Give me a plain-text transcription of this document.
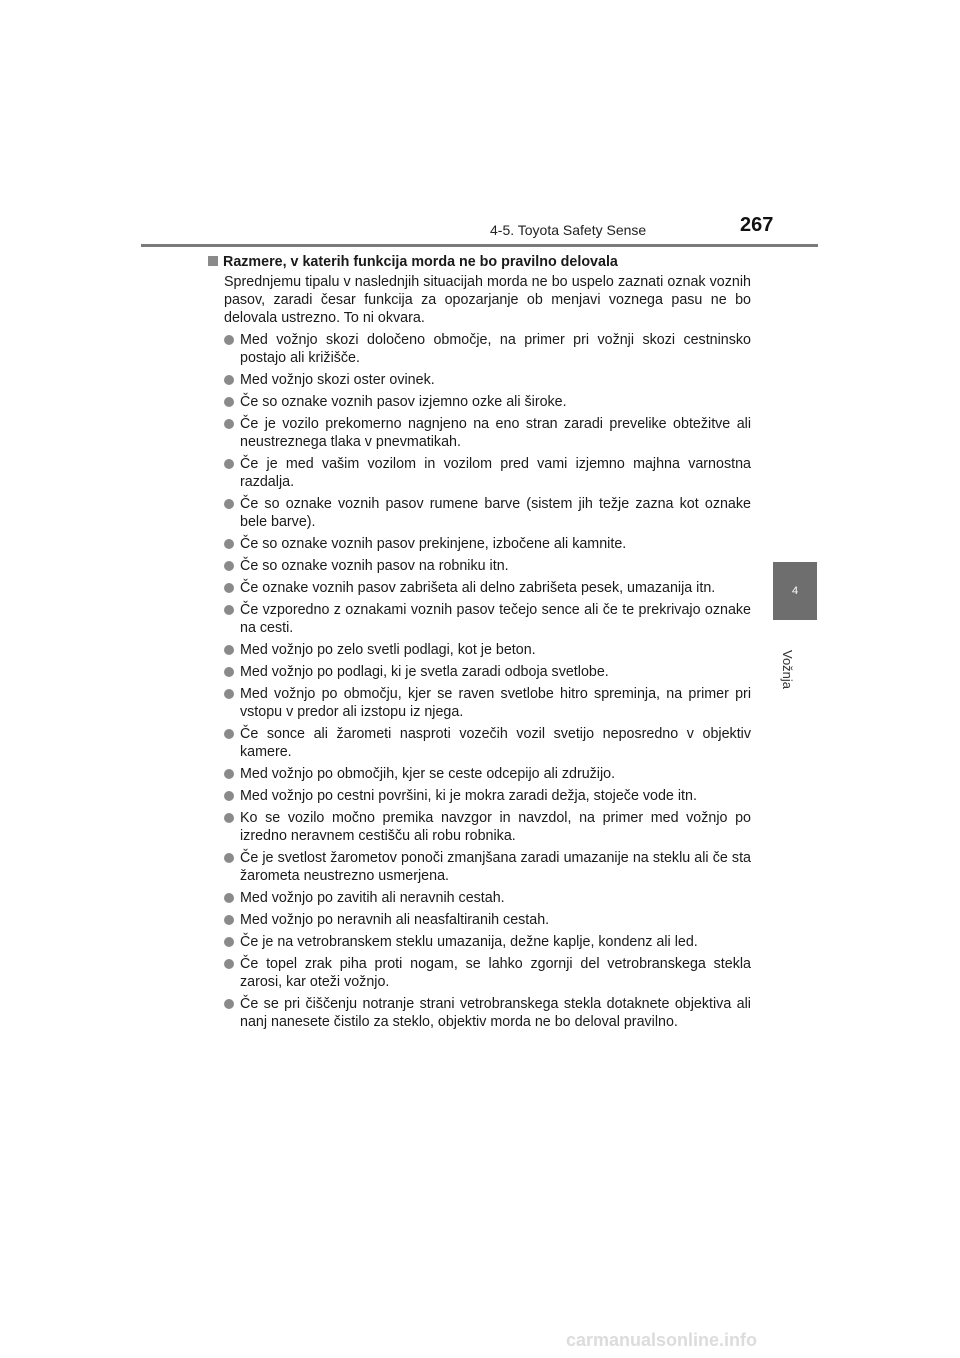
4-5. Toyota Safety Sense	267
4
Vožnja
Razmere, v katerih funkcija morda ne bo pravilno delovala
Sprednjemu tipalu v naslednjih situacijah morda ne bo uspelo zaznati oznak voznih pasov, zaradi česar funkcija za opozarjanje ob menjavi voznega pasu ne bo delovala ustrezno. To ni okvara.
Med vožnjo skozi določeno območje, na primer pri vožnji skozi cestninsko postajo ali križišče.
Med vožnjo skozi oster ovinek.
Če so oznake voznih pasov izjemno ozke ali široke.
Če je vozilo prekomerno nagnjeno na eno stran zaradi prevelike obtežitve ali neustreznega tlaka v pnevmatikah.
Če je med vašim vozilom in vozilom pred vami izjemno majhna varnostna razdalja.
Če so oznake voznih pasov rumene barve (sistem jih težje zazna kot oznake bele barve).
Če so oznake voznih pasov prekinjene, izbočene ali kamnite.
Če so oznake voznih pasov na robniku itn.
Če oznake voznih pasov zabrišeta ali delno zabrišeta pesek, umazanija itn.
Če vzporedno z oznakami voznih pasov tečejo sence ali če te prekrivajo oznake na cesti.
Med vožnjo po zelo svetli podlagi, kot je beton.
Med vožnjo po podlagi, ki je svetla zaradi odboja svetlobe.
Med vožnjo po območju, kjer se raven svetlobe hitro spreminja, na primer pri vstopu v predor ali izstopu iz njega.
Če sonce ali žarometi nasproti vozečih vozil svetijo neposredno v objektiv kamere.
Med vožnjo po območjih, kjer se ceste odcepijo ali združijo.
Med vožnjo po cestni površini, ki je mokra zaradi dežja, stoječe vode itn.
Ko se vozilo močno premika navzgor in navzdol, na primer med vožnjo po izredno neravnem cestišču ali robu robnika.
Če je svetlost žarometov ponoči zmanjšana zaradi umazanije na steklu ali če sta žarometa neustrezno usmerjena.
Med vožnjo po zavitih ali neravnih cestah.
Med vožnjo po neravnih ali neasfaltiranih cestah.
Če je na vetrobranskem steklu umazanija, dežne kaplje, kondenz ali led.
Če topel zrak piha proti nogam, se lahko zgornji del vetrobranskega stekla zarosi, kar oteži vožnjo.
Če se pri čiščenju notranje strani vetrobranskega stekla dotaknete objektiva ali nanj nanesete čistilo za steklo, objektiv morda ne bo deloval pravilno.
carmanualsonline.info
